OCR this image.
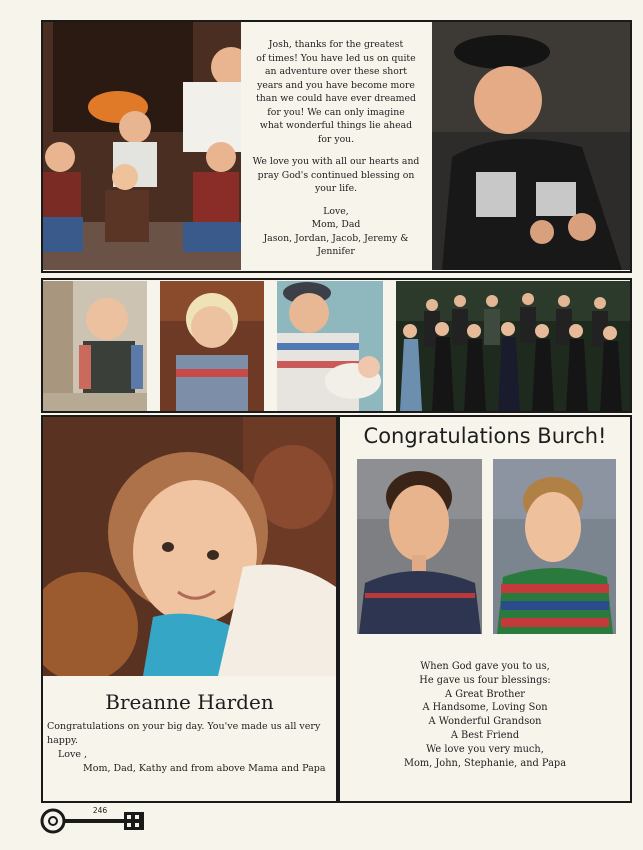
Josh, thanks for the greatest
of times! You have led us on quite
an adventure over these short
years and you have become more
than we could have ever dreamed
for you! We can only imagine
what wonderful things lie ahead
for you.
We love you with all our hearts and
pray God's continued blessing on
your life.
Love,
Mom, Dad
Jason, Jordan, Jacob, Jeremy &
Jennifer
Breanne Harden
Congratulations on your big day. You've made us all very happy.
Love ,
Mom, Dad, Kathy and from above Mama and Papa
Congratulations Burch!
When God gave you to us,
He gave us four blessings:
A Great Brother
A Handsome, Loving Son
A Wonderful Grandson
A Best Friend
We love you very much,
Mom, John, Stephanie, and Papa
246
